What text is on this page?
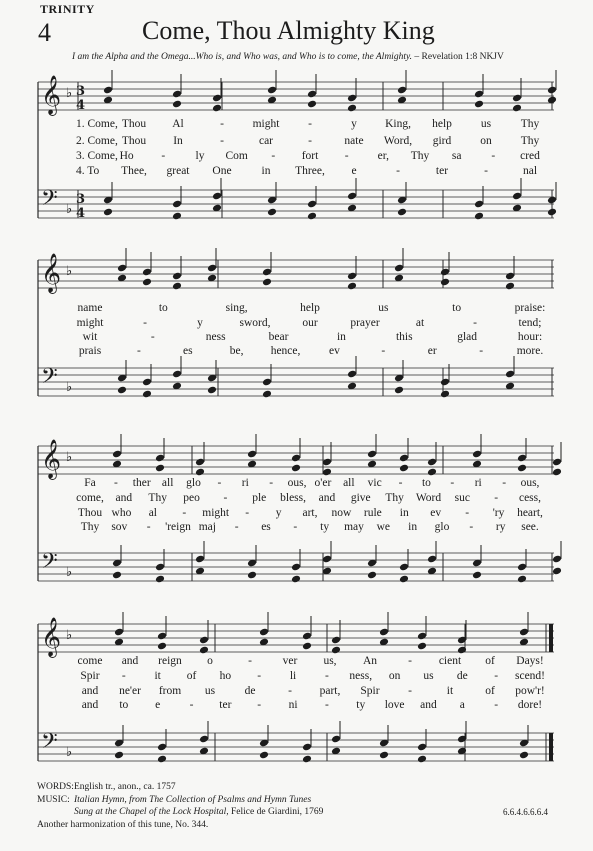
TRINITY
4	Come, Thou Almighty King
I am the Alpha and the Omega...Who is, and Who was, and Who is to come, the Almighty. – Revelation 1:8 NKJV
𝄞
𝄢
♭
♭
3
4
3
4
𝄞
𝄢
♭
♭
𝄞
𝄢
♭
♭
𝄞
𝄢
♭
♭
1. Come, Thou Al	- might -	y King, help	us	Thy
2. Come, Thou In	-	car	-	nate Word, gird	on	Thy
3. Come, Ho -	ly Com - fort -	er, Thy sa	- cred
4. To Thee, great One	in Three, e	-	ter	-	nal
name	to	sing,	help	us	to	praise:
might	-	y	sword,	our	prayer	at	-	tend;
wit	-	ness	bear	in	this	glad	hour:
prais	-	es	be, hence, ev	-	er	-	more.
Fa - ther all glo - ri - ous, o'er all vic - to - ri - ous,
come, and Thy peo - ple bless, and give Thy Word suc - cess,
Thou who al - might - y art, now rule in ev - 'ry heart,
Thy sov - 'reign maj - es - ty may we in glo - ry see.
come and reign o	-	ver us, An	- cient of Days!
Spir - it of ho - li - ness, on us de - scend!
and ne'er from us	de	- part, Spir -	it	of pow'r!
and to e	- ter - ni - ty love and a	- dore!
WORDS:English tr., anon., ca. 1757
MUSIC: Italian Hymn, from The Collection of Psalms and Hymn Tunes
Sung at the Chapel of the Lock Hospital, Felice de Giardini, 1769
Another harmonization of this tune, No. 344.
6.6.4.6.6.6.4
